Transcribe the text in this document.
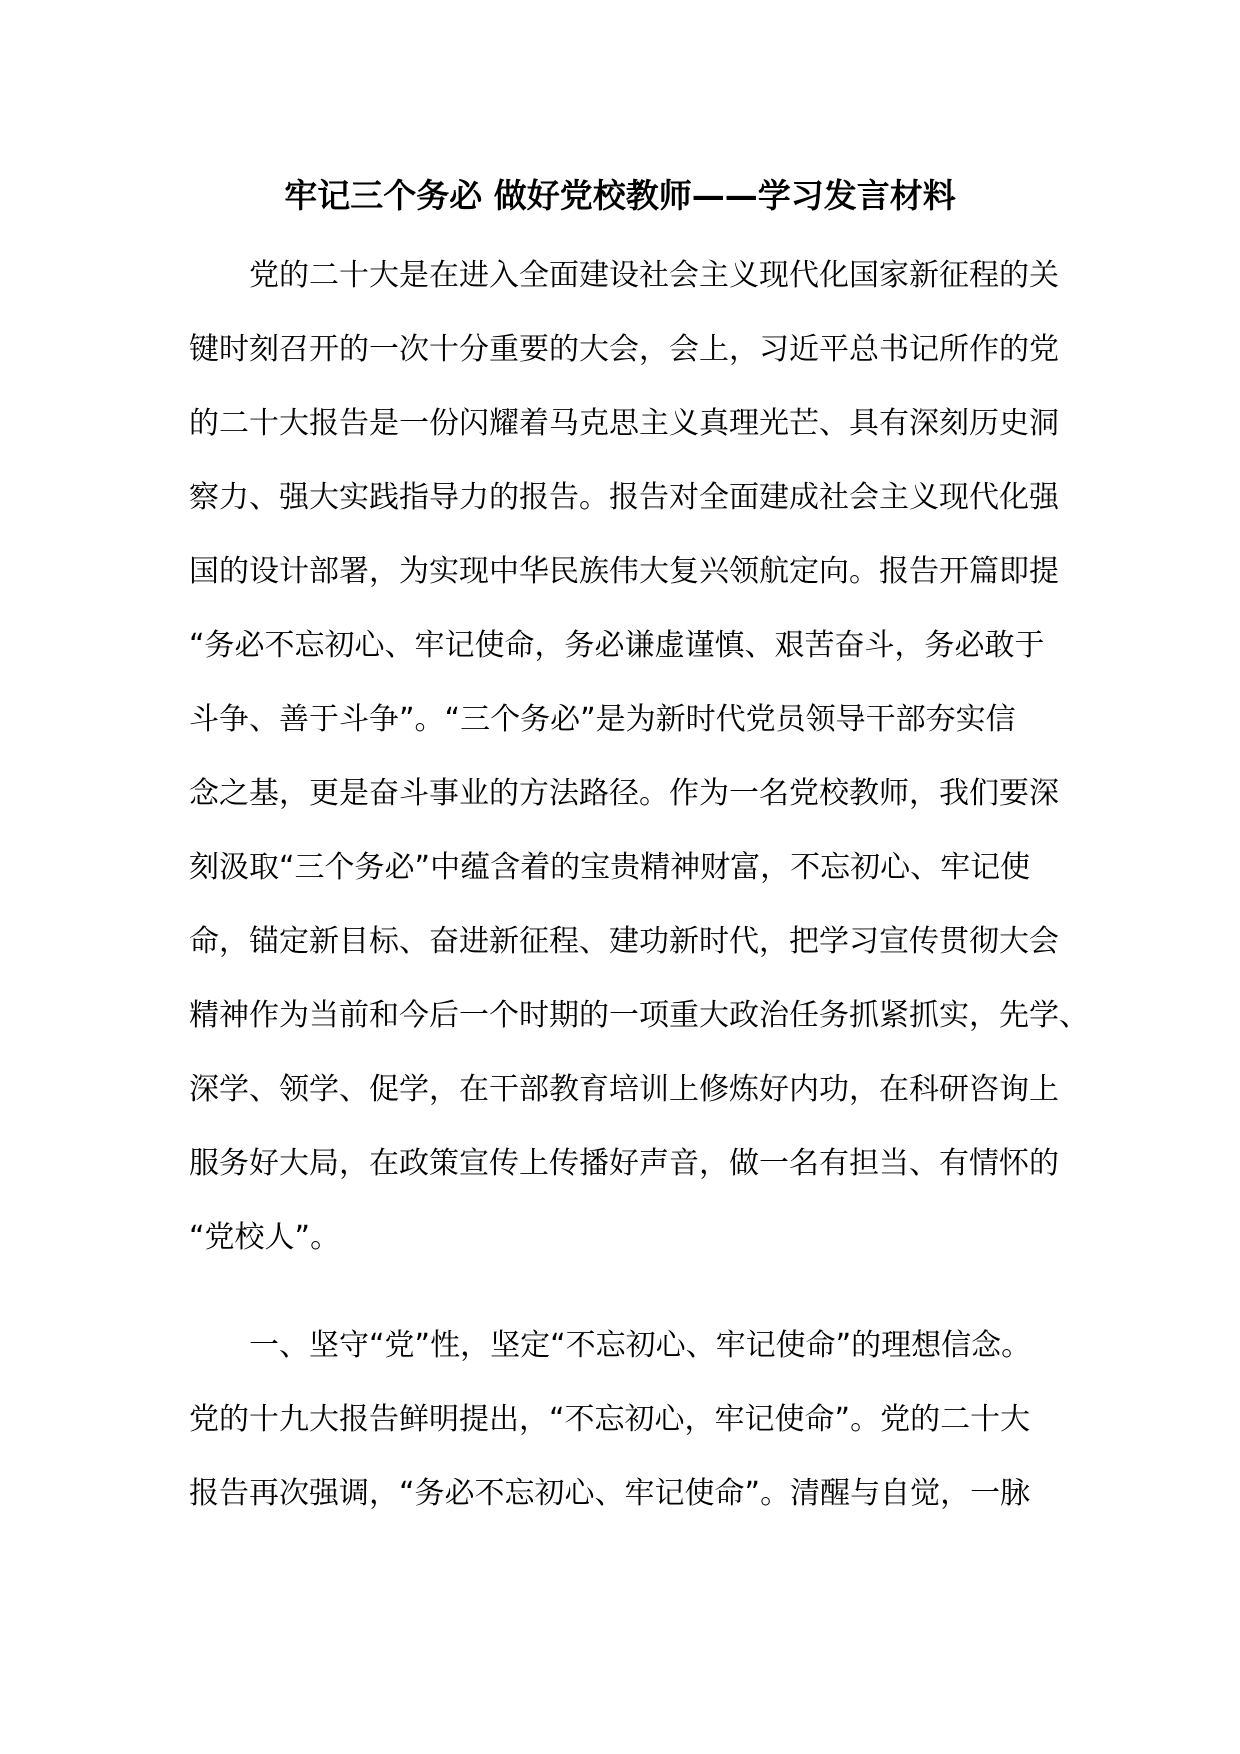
牢记三个务必 做好党校教师——学习发言材料

　　党的二十大是在进入全面建设社会主义现代化国家新征程的关

键时刻召开的一次十分重要的大会，会上，习近平总书记所作的党

的二十大报告是一份闪耀着马克思主义真理光芒、具有深刻历史洞

察力、强大实践指导力的报告。报告对全面建成社会主义现代化强

国的设计部署，为实现中华民族伟大复兴领航定向。报告开篇即提

“务必不忘初心、牢记使命，务必谦虚谨慎、艰苦奋斗，务必敢于

斗争、善于斗争”。“三个务必”是为新时代党员领导干部夯实信

念之基，更是奋斗事业的方法路径。作为一名党校教师，我们要深

刻汲取“三个务必”中蕴含着的宝贵精神财富，不忘初心、牢记使

命，锚定新目标、奋进新征程、建功新时代，把学习宣传贯彻大会

精神作为当前和今后一个时期的一项重大政治任务抓紧抓实，先学、

深学、领学、促学，在干部教育培训上修炼好内功，在科研咨询上

服务好大局，在政策宣传上传播好声音，做一名有担当、有情怀的

“党校人”。

　　一、坚守“党”性，坚定“不忘初心、牢记使命”的理想信念。

党的十九大报告鲜明提出，“不忘初心，牢记使命”。党的二十大

报告再次强调，“务必不忘初心、牢记使命”。清醒与自觉，一脉
